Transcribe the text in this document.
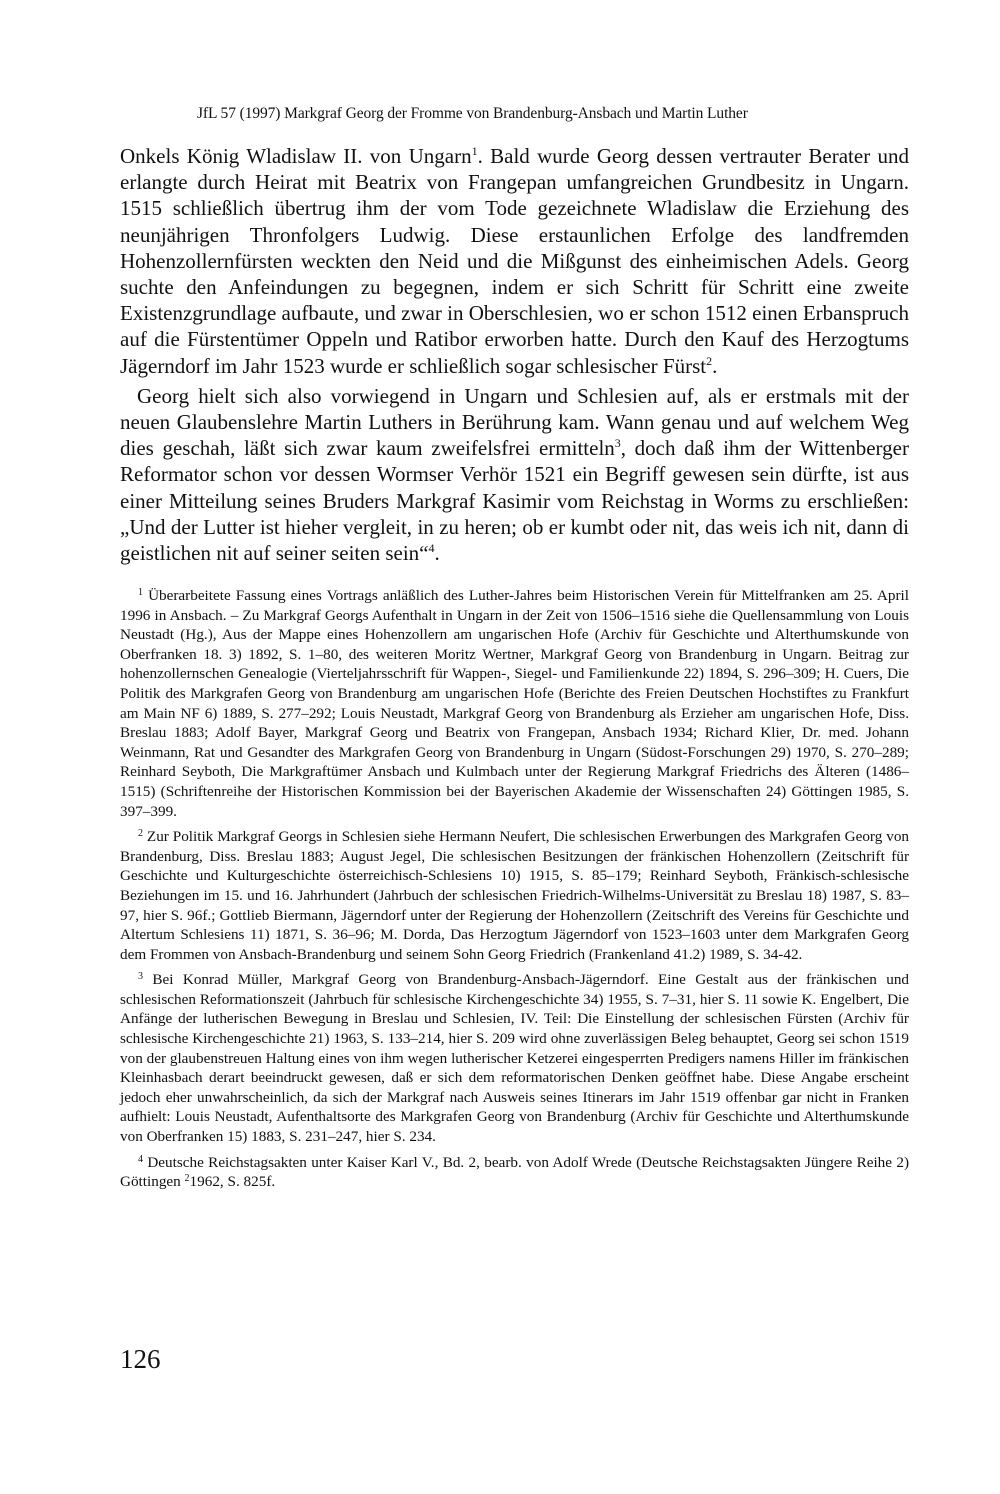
JfL 57 (1997) Markgraf Georg der Fromme von Brandenburg-Ansbach und Martin Luther

Onkels König Wladislaw II. von Ungarn$^1$. Bald wurde Georg dessen vertrauter Berater und erlangte durch Heirat mit Beatrix von Frangepan umfangreichen Grundbesitz in Ungarn. 1515 schließlich übertrug ihm der vom Tode gezeichnete Wladislaw die Erziehung des neunjährigen Thronfolgers Ludwig. Diese erstaunlichen Erfolge des landfremden Hohenzollernfürsten weckten den Neid und die Mißgunst des einheimischen Adels. Georg suchte den Anfeindungen zu begegnen, indem er sich Schritt für Schritt eine zweite Existenzgrundlage aufbaute, und zwar in Oberschlesien, wo er schon 1512 einen Erbanspruch auf die Fürstentümer Oppeln und Ratibor erworben hatte. Durch den Kauf des Herzogtums Jägerndorf im Jahr 1523 wurde er schließlich sogar schlesischer Fürst$^2$.

Georg hielt sich also vorwiegend in Ungarn und Schlesien auf, als er erstmals mit der neuen Glaubenslehre Martin Luthers in Berührung kam. Wann genau und auf welchem Weg dies geschah, läßt sich zwar kaum zweifelsfrei ermitteln$^3$, doch daß ihm der Wittenberger Reformator schon vor dessen Wormser Verhör 1521 ein Begriff gewesen sein dürfte, ist aus einer Mitteilung seines Bruders Markgraf Kasimir vom Reichstag in Worms zu erschließen: „Und der Lutter ist hieher vergleit, in zu heren; ob er kumbt oder nit, das weis ich nit, dann di geistlichen nit auf seiner seiten sein“$^4$.

$^1$ Überarbeitete Fassung eines Vortrags anläßlich des Luther-Jahres beim Historischen Verein für Mittelfranken am 25. April 1996 in Ansbach. – Zu Markgraf Georgs Aufenthalt in Ungarn in der Zeit von 1506–1516 siehe die Quellensammlung von Louis Neustadt (Hg.), Aus der Mappe eines Hohenzollern am ungarischen Hofe (Archiv für Geschichte und Alterthumskunde von Oberfranken 18. 3) 1892, S. 1–80, des weiteren Moritz Wertner, Markgraf Georg von Brandenburg in Ungarn. Beitrag zur hohenzollernschen Genealogie (Vierteljahrsschrift für Wappen-, Siegel- und Familienkunde 22) 1894, S. 296–309; H. Cuers, Die Politik des Markgrafen Georg von Brandenburg am ungarischen Hofe (Berichte des Freien Deutschen Hochstiftes zu Frankfurt am Main NF 6) 1889, S. 277–292; Louis Neustadt, Markgraf Georg von Brandenburg als Erzieher am ungarischen Hofe, Diss. Breslau 1883; Adolf Bayer, Markgraf Georg und Beatrix von Frangepan, Ansbach 1934; Richard Klier, Dr. med. Johann Weinmann, Rat und Gesandter des Markgrafen Georg von Brandenburg in Ungarn (Südost-Forschungen 29) 1970, S. 270–289; Reinhard Seyboth, Die Markgraftümer Ansbach und Kulmbach unter der Regierung Markgraf Friedrichs des Älteren (1486–1515) (Schriftenreihe der Historischen Kommission bei der Bayerischen Akademie der Wissenschaften 24) Göttingen 1985, S. 397–399.

$^2$ Zur Politik Markgraf Georgs in Schlesien siehe Hermann Neufert, Die schlesischen Erwerbungen des Markgrafen Georg von Brandenburg, Diss. Breslau 1883; August Jegel, Die schlesischen Besitzungen der fränkischen Hohenzollern (Zeitschrift für Geschichte und Kulturgeschichte österreichisch-Schlesiens 10) 1915, S. 85–179; Reinhard Seyboth, Fränkisch-schlesische Beziehungen im 15. und 16. Jahrhundert (Jahrbuch der schlesischen Friedrich-Wilhelms-Universität zu Breslau 18) 1987, S. 83–97, hier S. 96f.; Gottlieb Biermann, Jägerndorf unter der Regierung der Hohenzollern (Zeitschrift des Vereins für Geschichte und Altertum Schlesiens 11) 1871, S. 36–96; M. Dorda, Das Herzogtum Jägerndorf von 1523–1603 unter dem Markgrafen Georg dem Frommen von Ansbach-Brandenburg und seinem Sohn Georg Friedrich (Frankenland 41.2) 1989, S. 34-42.

$^3$ Bei Konrad Müller, Markgraf Georg von Brandenburg-Ansbach-Jägerndorf. Eine Gestalt aus der fränkischen und schlesischen Reformationszeit (Jahrbuch für schlesische Kirchengeschichte 34) 1955, S. 7–31, hier S. 11 sowie K. Engelbert, Die Anfänge der lutherischen Bewegung in Breslau und Schlesien, IV. Teil: Die Einstellung der schlesischen Fürsten (Archiv für schlesische Kirchengeschichte 21) 1963, S. 133–214, hier S. 209 wird ohne zuverlässigen Beleg behauptet, Georg sei schon 1519 von der glaubenstreuen Haltung eines von ihm wegen lutherischer Ketzerei eingesperrten Predigers namens Hiller im fränkischen Kleinhasbach derart beeindruckt gewesen, daß er sich dem reformatorischen Denken geöffnet habe. Diese Angabe erscheint jedoch eher unwahrscheinlich, da sich der Markgraf nach Ausweis seines Itinerars im Jahr 1519 offenbar gar nicht in Franken aufhielt: Louis Neustadt, Aufenthaltsorte des Markgrafen Georg von Brandenburg (Archiv für Geschichte und Alterthumskunde von Oberfranken 15) 1883, S. 231–247, hier S. 234.

$^4$ Deutsche Reichstagsakten unter Kaiser Karl V., Bd. 2, bearb. von Adolf Wrede (Deutsche Reichstagsakten Jüngere Reihe 2) Göttingen $^2$1962, S. 825f.

126
